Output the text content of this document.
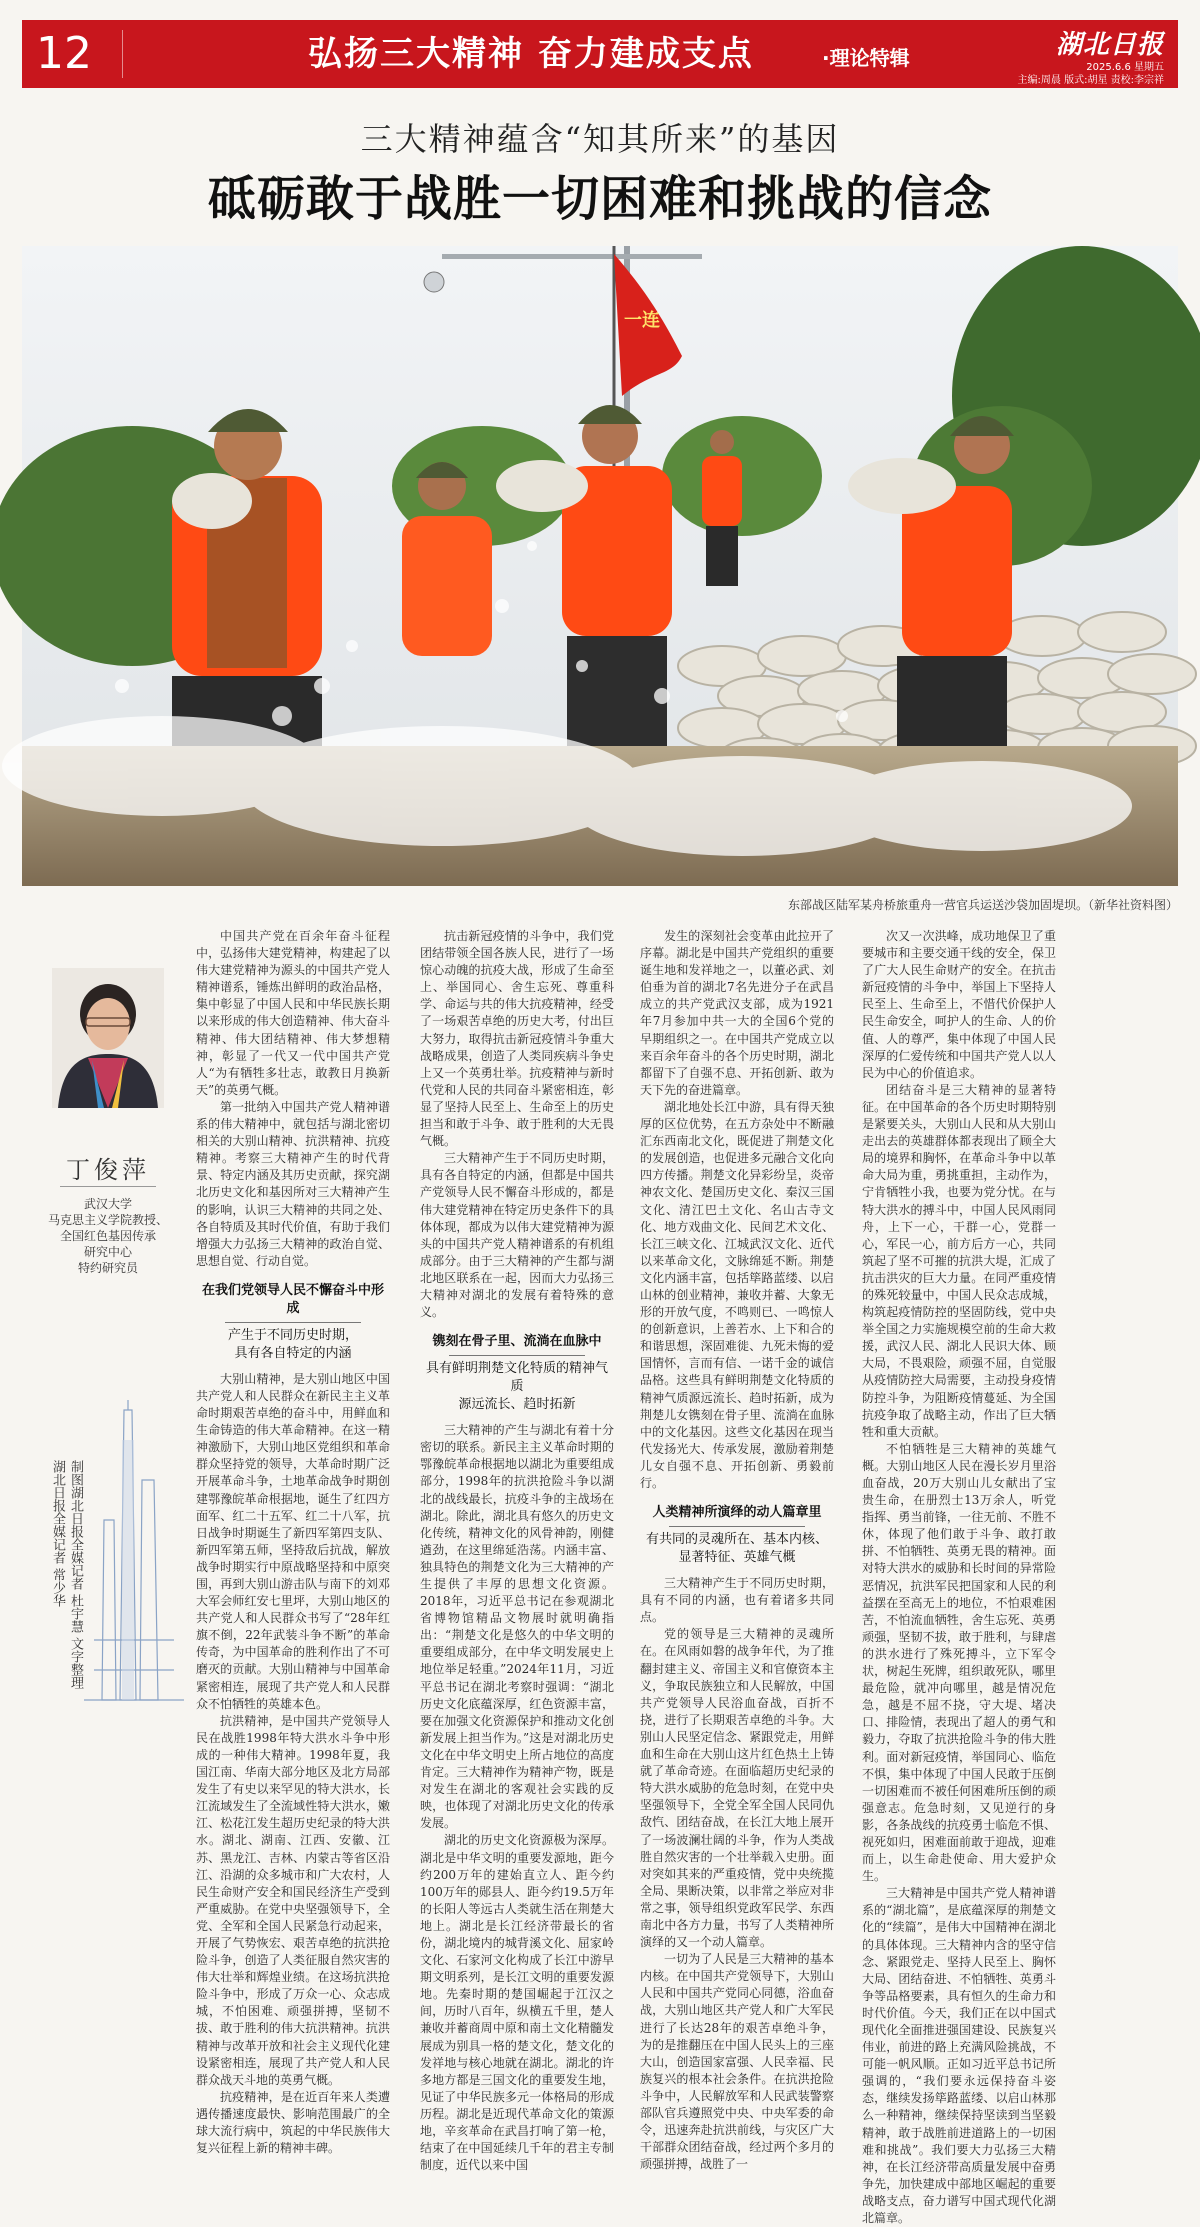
12	弘扬三大精神 奋力建成支点	·理论特辑	湖北日报
2025.6.6 星期五
主编:周晨 版式:胡星 责校:李宗祥
三大精神蕴含“知其所来”的基因
砥砺敢于战胜一切困难和挑战的信念
一连
东部战区陆军某舟桥旅重舟一营官兵运送沙袋加固堤坝。（新华社资料图）
丁俊萍
武汉大学
马克思主义学院教授、
全国红色基因传承
研究中心
特约研究员
制图湖北日报全媒记者 杜宇慧 文字整理湖北日报全媒记者 常少华

中国共产党在百余年奋斗征程中，弘扬伟大建党精神，构建起了以伟大建党精神为源头的中国共产党人精神谱系，锤炼出鲜明的政治品格，集中彰显了中国人民和中华民族长期以来形成的伟大创造精神、伟大奋斗精神、伟大团结精神、伟大梦想精神，彰显了一代又一代中国共产党人“为有牺牲多壮志，敢教日月换新天”的英勇气概。

第一批纳入中国共产党人精神谱系的伟大精神中，就包括与湖北密切相关的大别山精神、抗洪精神、抗疫精神。考察三大精神产生的时代背景、特定内涵及其历史贡献，探究湖北历史文化和基因所对三大精神产生的影响，认识三大精神的共同之处、各自特质及其时代价值，有助于我们增强大力弘扬三大精神的政治自觉、思想自觉、行动自觉。

在我们党领导人民不懈奋斗中形成
产生于不同历史时期，
具有各自特定的内涵

大别山精神，是大别山地区中国共产党人和人民群众在新民主主义革命时期艰苦卓绝的奋斗中，用鲜血和生命铸造的伟大革命精神。在这一精神激励下，大别山地区党组织和革命群众坚持党的领导，大革命时期广泛开展革命斗争，土地革命战争时期创建鄂豫皖革命根据地，诞生了红四方面军、红二十五军、红二十八军，抗日战争时期诞生了新四军第四支队、新四军第五师，坚持敌后抗战，解放战争时期实行中原战略坚持和中原突围，再到大别山游击队与南下的刘邓大军会师红安七里坪，大别山地区的共产党人和人民群众书写了“28年红旗不倒，22年武装斗争不断”的革命传奇，为中国革命的胜利作出了不可磨灭的贡献。大别山精神与中国革命紧密相连，展现了共产党人和人民群众不怕牺牲的英雄本色。

抗洪精神，是中国共产党领导人民在战胜1998年特大洪水斗争中形成的一种伟大精神。1998年夏，我国江南、华南大部分地区及北方局部发生了有史以来罕见的特大洪水，长江流域发生了全流域性特大洪水，嫩江、松花江发生超历史纪录的特大洪水。湖北、湖南、江西、安徽、江苏、黑龙江、吉林、内蒙古等省区沿江、沿湖的众多城市和广大农村，人民生命财产安全和国民经济生产受到严重威胁。在党中央坚强领导下，全党、全军和全国人民紧急行动起来，开展了气势恢宏、艰苦卓绝的抗洪抢险斗争，创造了人类征服自然灾害的伟大壮举和辉煌业绩。在这场抗洪抢险斗争中，形成了万众一心、众志成城，不怕困难、顽强拼搏，坚韧不拔、敢于胜利的伟大抗洪精神。抗洪精神与改革开放和社会主义现代化建设紧密相连，展现了共产党人和人民群众战天斗地的英勇气概。

抗疫精神，是在近百年来人类遭遇传播速度最快、影响范围最广的全球大流行病中，筑起的中华民族伟大复兴征程上新的精神丰碑。

抗击新冠疫情的斗争中，我们党团结带领全国各族人民，进行了一场惊心动魄的抗疫大战，形成了生命至上、举国同心、舍生忘死、尊重科学、命运与共的伟大抗疫精神，经受了一场艰苦卓绝的历史大考，付出巨大努力，取得抗击新冠疫情斗争重大战略成果，创造了人类同疾病斗争史上又一个英勇壮举。抗疫精神与新时代党和人民的共同奋斗紧密相连，彰显了坚持人民至上、生命至上的历史担当和敢于斗争、敢于胜利的大无畏气概。

三大精神产生于不同历史时期，具有各自特定的内涵，但都是中国共产党领导人民不懈奋斗形成的，都是伟大建党精神在特定历史条件下的具体体现，都成为以伟大建党精神为源头的中国共产党人精神谱系的有机组成部分。由于三大精神的产生都与湖北地区联系在一起，因而大力弘扬三大精神对湖北的发展有着特殊的意义。

镌刻在骨子里、流淌在血脉中
具有鲜明荆楚文化特质的精神气质
源远流长、趋时拓新

三大精神的产生与湖北有着十分密切的联系。新民主主义革命时期的鄂豫皖革命根据地以湖北为重要组成部分，1998年的抗洪抢险斗争以湖北的战线最长，抗疫斗争的主战场在湖北。除此，湖北具有悠久的历史文化传统，精神文化的风骨神韵，刚健遒劲，在这里绵延浩荡。内涵丰富、独具特色的荆楚文化为三大精神的产生提供了丰厚的思想文化资源。2018年，习近平总书记在参观湖北省博物馆精品文物展时就明确指出：“荆楚文化是悠久的中华文明的重要组成部分，在中华文明发展史上地位举足轻重。”2024年11月，习近平总书记在湖北考察时强调：“湖北历史文化底蕴深厚，红色资源丰富，要在加强文化资源保护和推动文化创新发展上担当作为。”这是对湖北历史文化在中华文明史上所占地位的高度肯定。三大精神作为精神产物，既是对发生在湖北的客观社会实践的反映，也体现了对湖北历史文化的传承发展。

湖北的历史文化资源极为深厚。湖北是中华文明的重要发源地，距今约200万年的建始直立人、距今约100万年的郧县人、距今约19.5万年的长阳人等远古人类就生活在荆楚大地上。湖北是长江经济带最长的省份，湖北境内的城背溪文化、屈家岭文化、石家河文化构成了长江中游早期文明系列，是长江文明的重要发源地。先秦时期的楚国崛起于江汉之间，历时八百年，纵横五千里，楚人兼收并蓄商周中原和南土文化精髓发展成为别具一格的楚文化，楚文化的发祥地与核心地就在湖北。湖北的许多地方都是三国文化的重要发生地，见证了中华民族多元一体格局的形成历程。湖北是近现代革命文化的策源地，辛亥革命在武昌打响了第一枪，结束了在中国延续几千年的君主专制制度，近代以来中国

发生的深刻社会变革由此拉开了序幕。湖北是中国共产党组织的重要诞生地和发祥地之一，以董必武、刘伯垂为首的湖北7名先进分子在武昌成立的共产党武汉支部，成为1921年7月参加中共一大的全国6个党的早期组织之一。在中国共产党成立以来百余年奋斗的各个历史时期，湖北都留下了自强不息、开拓创新、敢为天下先的奋进篇章。

湖北地处长江中游，具有得天独厚的区位优势，在五方杂处中不断融汇东西南北文化，既促进了荆楚文化的发展创造，也促进多元融合文化向四方传播。荆楚文化异彩纷呈，炎帝神农文化、楚国历史文化、秦汉三国文化、清江巴土文化、名山古寺文化、地方戏曲文化、民间艺术文化、长江三峡文化、江城武汉文化、近代以来革命文化，文脉绵延不断。荆楚文化内涵丰富，包括筚路蓝缕、以启山林的创业精神，兼收并蓄、大象无形的开放气度，不鸣则已、一鸣惊人的创新意识，上善若水、上下和合的和谐思想，深固难徙、九死未悔的爱国情怀，言而有信、一诺千金的诚信品格。这些具有鲜明荆楚文化特质的精神气质源远流长、趋时拓新，成为荆楚儿女镌刻在骨子里、流淌在血脉中的文化基因。这些文化基因在现当代发扬光大、传承发展，激励着荆楚儿女自强不息、开拓创新、勇毅前行。

人类精神所演绎的动人篇章里
有共同的灵魂所在、基本内核、
显著特征、英雄气概

三大精神产生于不同历史时期，具有不同的内涵，也有着诸多共同点。

党的领导是三大精神的灵魂所在。在风雨如磐的战争年代，为了推翻封建主义、帝国主义和官僚资本主义，争取民族独立和人民解放，中国共产党领导人民浴血奋战，百折不挠，进行了长期艰苦卓绝的斗争。大别山人民坚定信念、紧跟党走，用鲜血和生命在大别山这片红色热土上铸就了革命奇迹。在面临超历史纪录的特大洪水威胁的危急时刻，在党中央坚强领导下，全党全军全国人民同仇敌忾、团结奋战，在长江大地上展开了一场波澜壮阔的斗争，作为人类战胜自然灾害的一个壮举载入史册。面对突如其来的严重疫情，党中央统揽全局、果断决策，以非常之举应对非常之事，领导组织党政军民学、东西南北中各方力量，书写了人类精神所演绎的又一个动人篇章。

一切为了人民是三大精神的基本内核。在中国共产党领导下，大别山人民和中国共产党同心同德，浴血奋战，大别山地区共产党人和广大军民进行了长达28年的艰苦卓绝斗争，为的是推翻压在中国人民头上的三座大山，创造国家富强、人民幸福、民族复兴的根本社会条件。在抗洪抢险斗争中，人民解放军和人民武装警察部队官兵遵照党中央、中央军委的命令，迅速奔赴抗洪前线，与灾区广大干部群众团结奋战，经过两个多月的顽强拼搏，战胜了一

次又一次洪峰，成功地保卫了重要城市和主要交通干线的安全，保卫了广大人民生命财产的安全。在抗击新冠疫情的斗争中，举国上下坚持人民至上、生命至上，不惜代价保护人民生命安全，呵护人的生命、人的价值、人的尊严，集中体现了中国人民深厚的仁爱传统和中国共产党人以人民为中心的价值追求。

团结奋斗是三大精神的显著特征。在中国革命的各个历史时期特别是紧要关头，大别山人民和从大别山走出去的英雄群体都表现出了顾全大局的境界和胸怀，在革命斗争中以革命大局为重，勇挑重担，主动作为，宁肯牺牲小我，也要为党分忧。在与特大洪水的搏斗中，中国人民风雨同舟，上下一心，干群一心，党群一心，军民一心，前方后方一心，共同筑起了坚不可摧的抗洪大堤，汇成了抗击洪灾的巨大力量。在同严重疫情的殊死较量中，中国人民众志成城，构筑起疫情防控的坚固防线，党中央举全国之力实施规模空前的生命大救援，武汉人民、湖北人民识大体、顾大局，不畏艰险，顽强不屈，自觉服从疫情防控大局需要，主动投身疫情防控斗争，为阻断疫情蔓延、为全国抗疫争取了战略主动，作出了巨大牺牲和重大贡献。

不怕牺牲是三大精神的英雄气概。大别山地区人民在漫长岁月里浴血奋战，20万大别山儿女献出了宝贵生命，在册烈士13万余人，听党指挥、勇当前锋，一往无前、不胜不休，体现了他们敢于斗争、敢打敢拼、不怕牺牲、英勇无畏的精神。面对特大洪水的威胁和长时间的异常险恶情况，抗洪军民把国家和人民的利益摆在至高无上的地位，不怕艰难困苦，不怕流血牺牲，舍生忘死、英勇顽强，坚韧不拔，敢于胜利，与肆虐的洪水进行了殊死搏斗，立下军令状，树起生死牌，组织敢死队，哪里最危险，就冲向哪里，越是情况危急，越是不屈不挠，守大堤、堵决口、排险情，表现出了超人的勇气和毅力，夺取了抗洪抢险斗争的伟大胜利。面对新冠疫情，举国同心、临危不惧，集中体现了中国人民敢于压倒一切困难而不被任何困难所压倒的顽强意志。危急时刻，又见逆行的身影，各条战线的抗疫勇士临危不惧、视死如归，困难面前敢于迎战，迎难而上，以生命赴使命、用大爱护众生。

三大精神是中国共产党人精神谱系的“湖北篇”，是底蕴深厚的荆楚文化的“续篇”，是伟大中国精神在湖北的具体体现。三大精神内含的坚守信念、紧跟党走、坚持人民至上、胸怀大局、团结奋进、不怕牺牲、英勇斗争等品格要素，具有恒久的生命力和时代价值。今天，我们正在以中国式现代化全面推进强国建设、民族复兴伟业，前进的路上充满风险挑战，不可能一帆风顺。正如习近平总书记所强调的，“我们要永远保持奋斗姿态，继续发扬筚路蓝缕、以启山林那么一种精神，继续保持坚读到当坚毅精神，敢于战胜前进道路上的一切困难和挑战”。我们要大力弘扬三大精神，在长江经济带高质量发展中奋勇争先，加快建成中部地区崛起的重要战略支点，奋力谱写中国式现代化湖北篇章。
